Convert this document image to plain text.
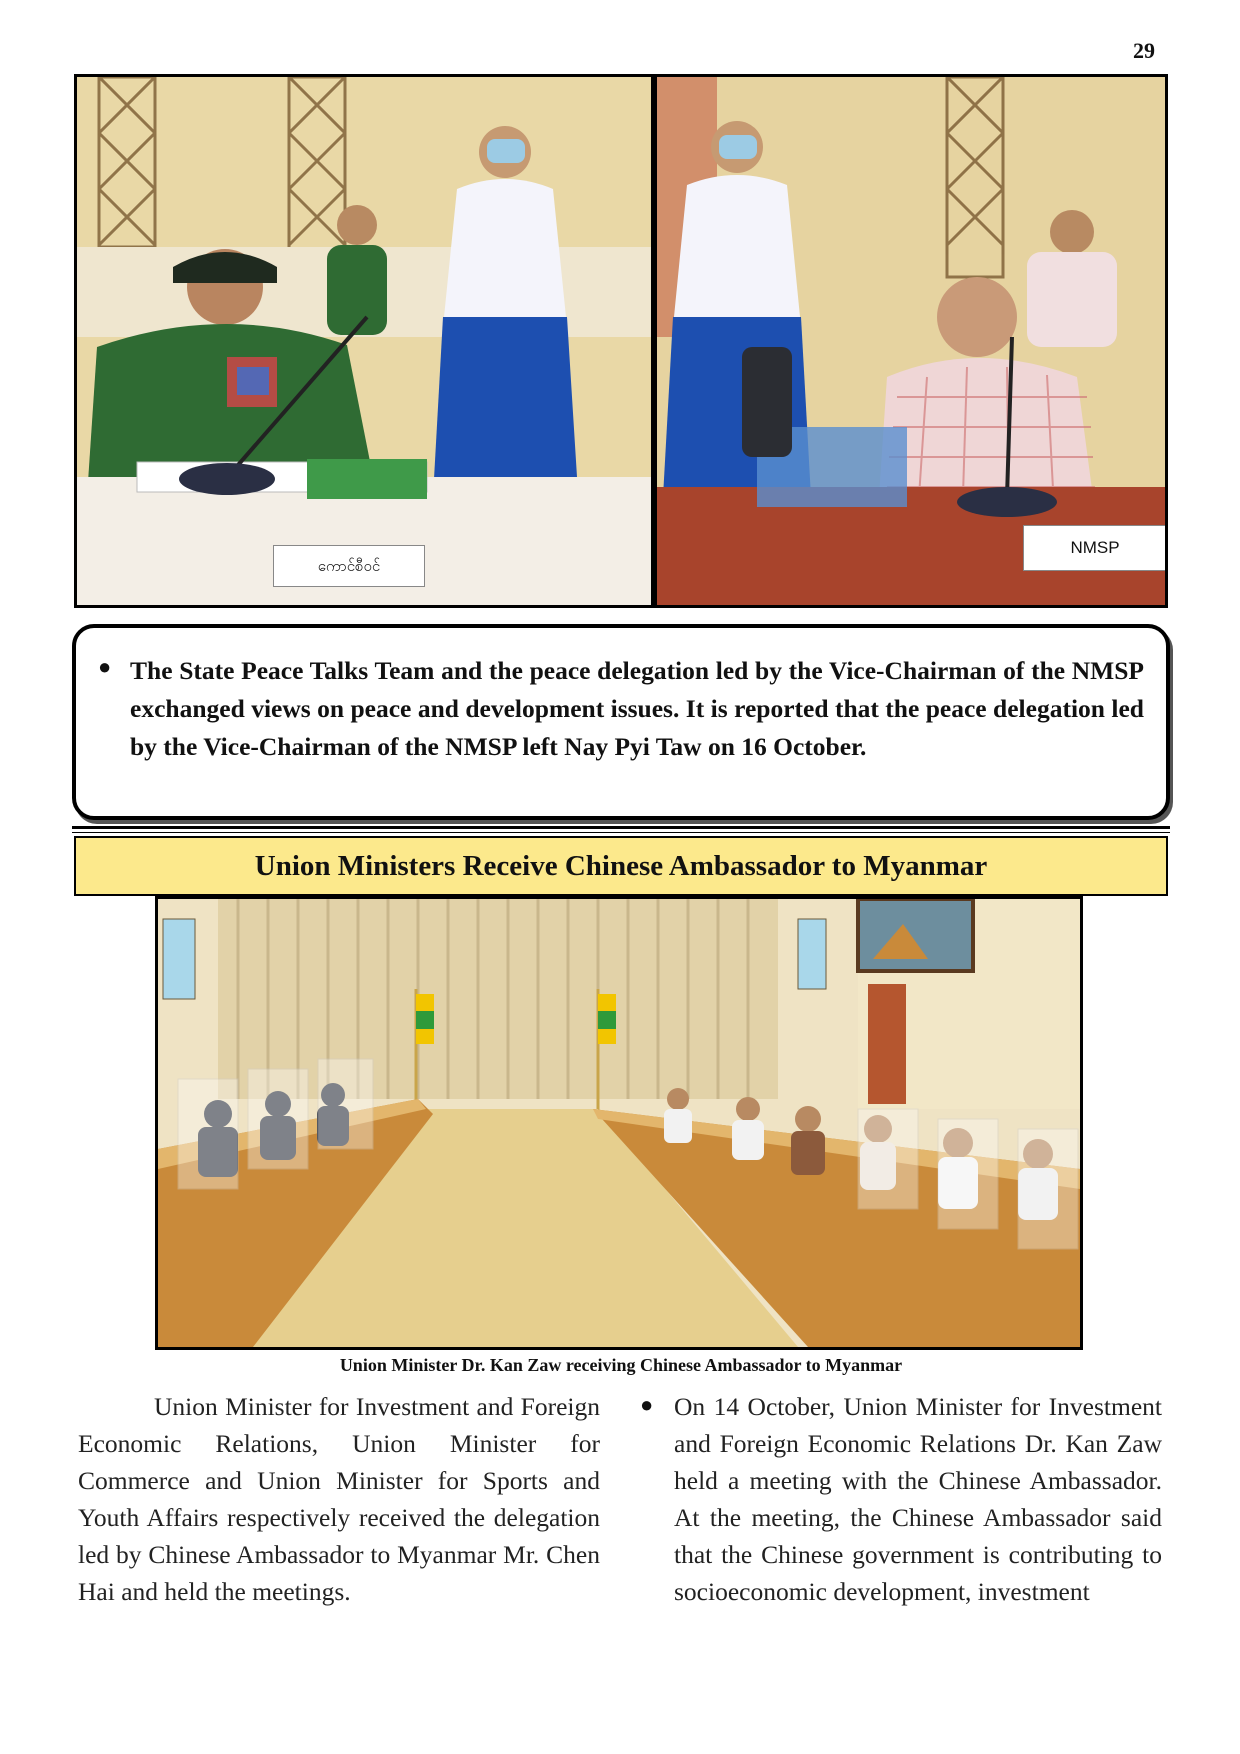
29
ကောင်စီဝင်
NMSP
● The State Peace Talks Team and the peace delegation led by the Vice-Chairman of the NMSP exchanged views on peace and development issues. It is reported that the peace delegation led by the Vice-Chairman of the NMSP left Nay Pyi Taw on 16 October.
Union Ministers Receive Chinese Ambassador to Myanmar
Union Minister Dr. Kan Zaw receiving Chinese Ambassador to Myanmar
Union Minister for Investment and Foreign Economic Relations, Union Minister for Commerce and Union Minister for Sports and Youth Affairs respectively received the delegation led by Chinese Ambassador to Myanmar Mr. Chen Hai and held the meetings.
● On 14 October, Union Minister for Investment and Foreign Economic Relations Dr. Kan Zaw held a meeting with the Chinese Ambassador. At the meeting, the Chinese Ambassador said that the Chinese government is contributing to socioeconomic development, investment
